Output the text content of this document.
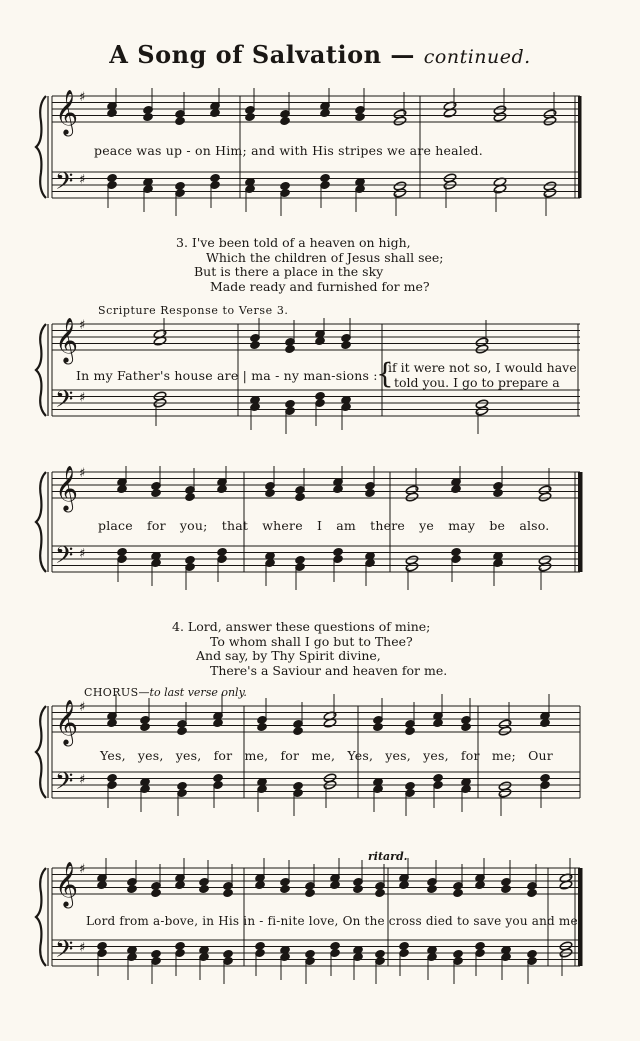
A Song of Salvation — continued.
𝄞
𝄢
♯
♯
peace was up - on Him; and with His stripes we are healed.
3. I've been told of a heaven on high,
Which the children of Jesus shall see;
But is there a place in the sky
Made ready and furnished for me?
Scripture Response to Verse 3.
𝄞
𝄢
♯
♯
In my Father's house are | ma - ny man-sions :
{
if it were not so, I would have
told you. I go to prepare a
𝄞
𝄢
♯
♯
place for you; that where I am there ye may be also.
4. Lord, answer these questions of mine;
To whom shall I go but to Thee?
And say, by Thy Spirit divine,
There's a Saviour and heaven for me.
CHORUS—to last verse only.
𝄞
𝄢
♯
♯
Yes, yes, yes, for me, for me, Yes, yes, yes, for me; Our
ritard.
𝄞
𝄢
♯
♯
Lord from a-bove, in His in - fi-nite love, On the cross died to save you and me.
